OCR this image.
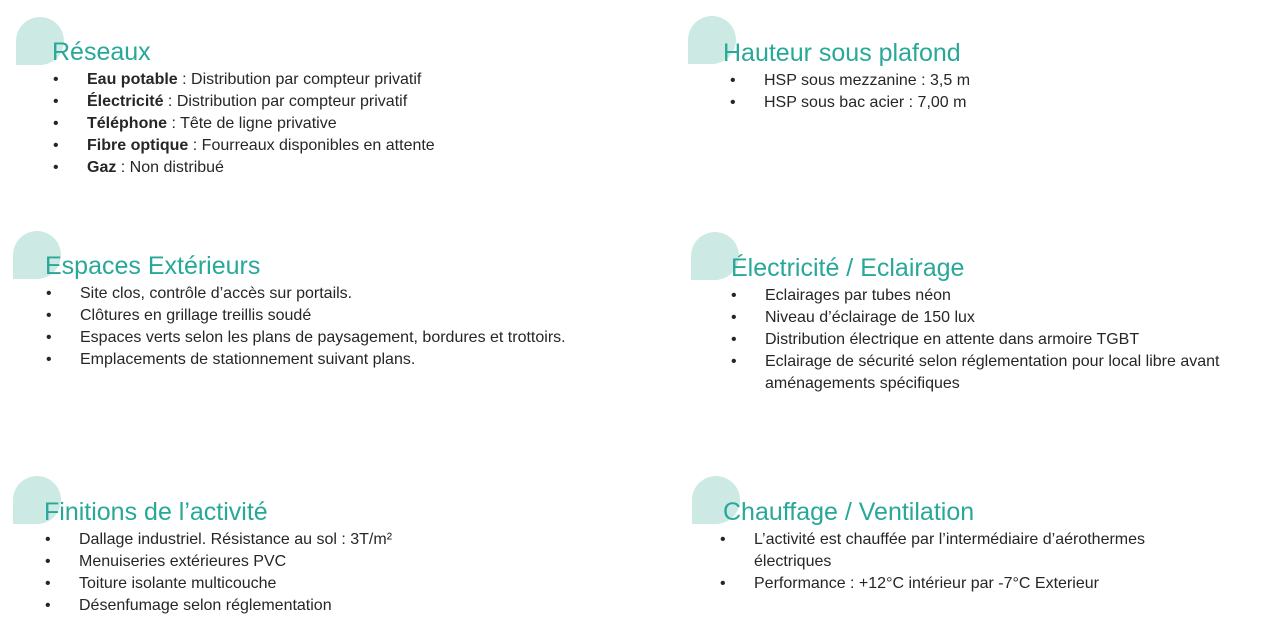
Réseaux
• Eau potable : Distribution par compteur privatif
• Électricité : Distribution par compteur privatif
• Téléphone : Tête de ligne privative
• Fibre optique : Fourreaux disponibles en attente
• Gaz : Non distribué
Hauteur sous plafond
• HSP sous mezzanine : 3,5 m
• HSP sous bac acier : 7,00 m
Espaces Extérieurs
• Site clos, contrôle d’accès sur portails.
• Clôtures en grillage treillis soudé
• Espaces verts selon les plans de paysagement, bordures et trottoirs.
• Emplacements de stationnement suivant plans.
Électricité / Eclairage
• Eclairages par tubes néon
• Niveau d’éclairage de 150 lux
• Distribution électrique en attente dans armoire TGBT
• Eclairage de sécurité selon réglementation pour local libre avant aménagements spécifiques
Finitions de l’activité
• Dallage industriel. Résistance au sol : 3T/m²
• Menuiseries extérieures PVC
• Toiture isolante multicouche
• Désenfumage selon réglementation
Chauffage / Ventilation
• L’activité est chauffée par l’intermédiaire d’aérothermes électriques
• Performance : +12°C intérieur par -7°C Exterieur
